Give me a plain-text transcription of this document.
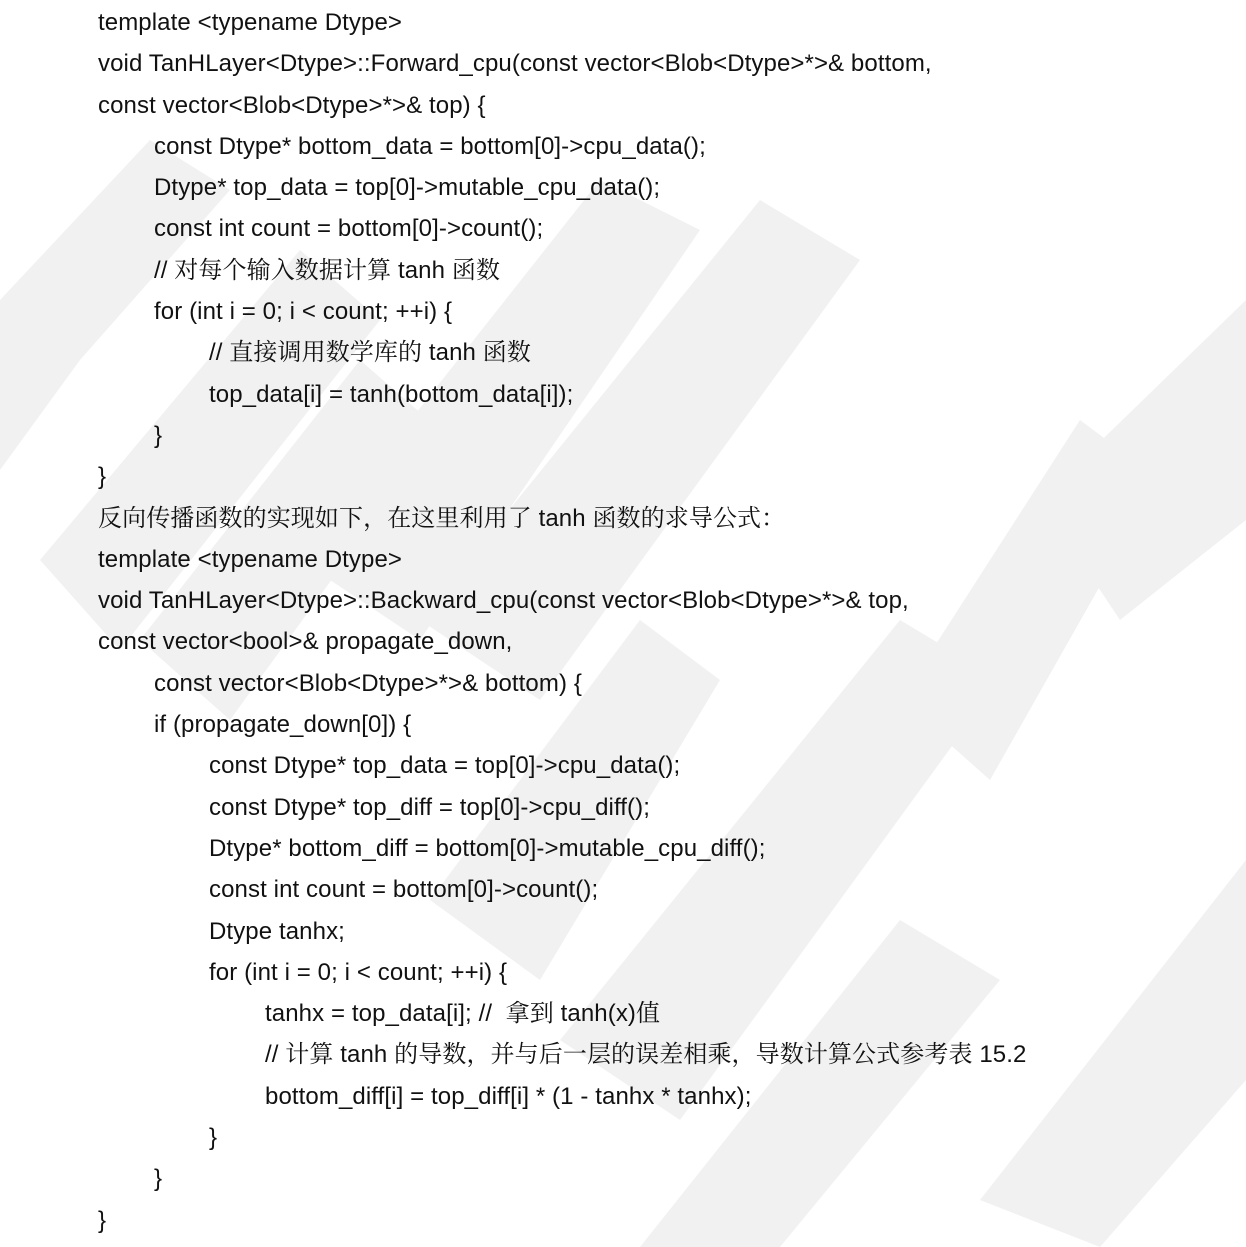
template <typename Dtype>
void TanHLayer<Dtype>::Forward_cpu(const vector<Blob<Dtype>*>& bottom,
const vector<Blob<Dtype>*>& top) {
const Dtype* bottom_data = bottom[0]->cpu_data();
Dtype* top_data = top[0]->mutable_cpu_data();
const int count = bottom[0]->count();
// 对每个输入数据计算 tanh 函数
for (int i = 0; i < count; ++i) {
// 直接调用数学库的 tanh 函数
top_data[i] = tanh(bottom_data[i]);
}
}
反向传播函数的实现如下，在这里利用了 tanh 函数的求导公式：
template <typename Dtype>
void TanHLayer<Dtype>::Backward_cpu(const vector<Blob<Dtype>*>& top,
const vector<bool>& propagate_down,
const vector<Blob<Dtype>*>& bottom) {
if (propagate_down[0]) {
const Dtype* top_data = top[0]->cpu_data();
const Dtype* top_diff = top[0]->cpu_diff();
Dtype* bottom_diff = bottom[0]->mutable_cpu_diff();
const int count = bottom[0]->count();
Dtype tanhx;
for (int i = 0; i < count; ++i) {
tanhx = top_data[i]; //  拿到 tanh(x)值
// 计算 tanh 的导数，并与后一层的误差相乘，导数计算公式参考表 15.2
bottom_diff[i] = top_diff[i] * (1 - tanhx * tanhx);
}
}
}
